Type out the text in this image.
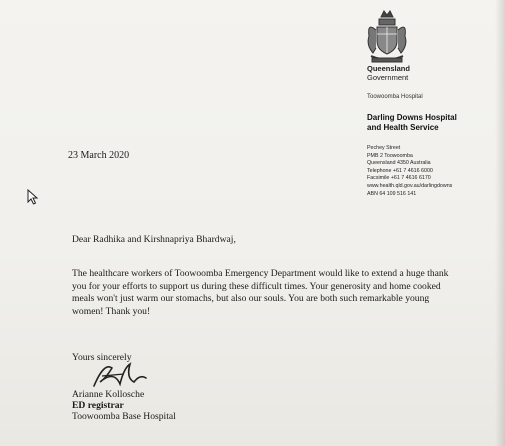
Queensland
Government
Toowoomba Hospital
Darling Downs Hospital
and Health Service
Pechey Street
PMB 2 Toowoomba
Queensland 4350 Australia
Telephone +61 7 4616 6000
Facsimile +61 7 4616 6170
www.health.qld.gov.au/darlingdowns
ABN 64 109 516 141
23 March 2020
Dear Radhika and Kirshnapriya Bhardwaj,
The healthcare workers of Toowoomba Emergency Department would like to extend a huge thank
you for your efforts to support us during these difficult times. Your generosity and home cooked
meals won't just warm our stomachs, but also our souls. You are both such remarkable young
women! Thank you!
Yours sincerely
Arianne Kollosche
ED registrar
Toowoomba Base Hospital
